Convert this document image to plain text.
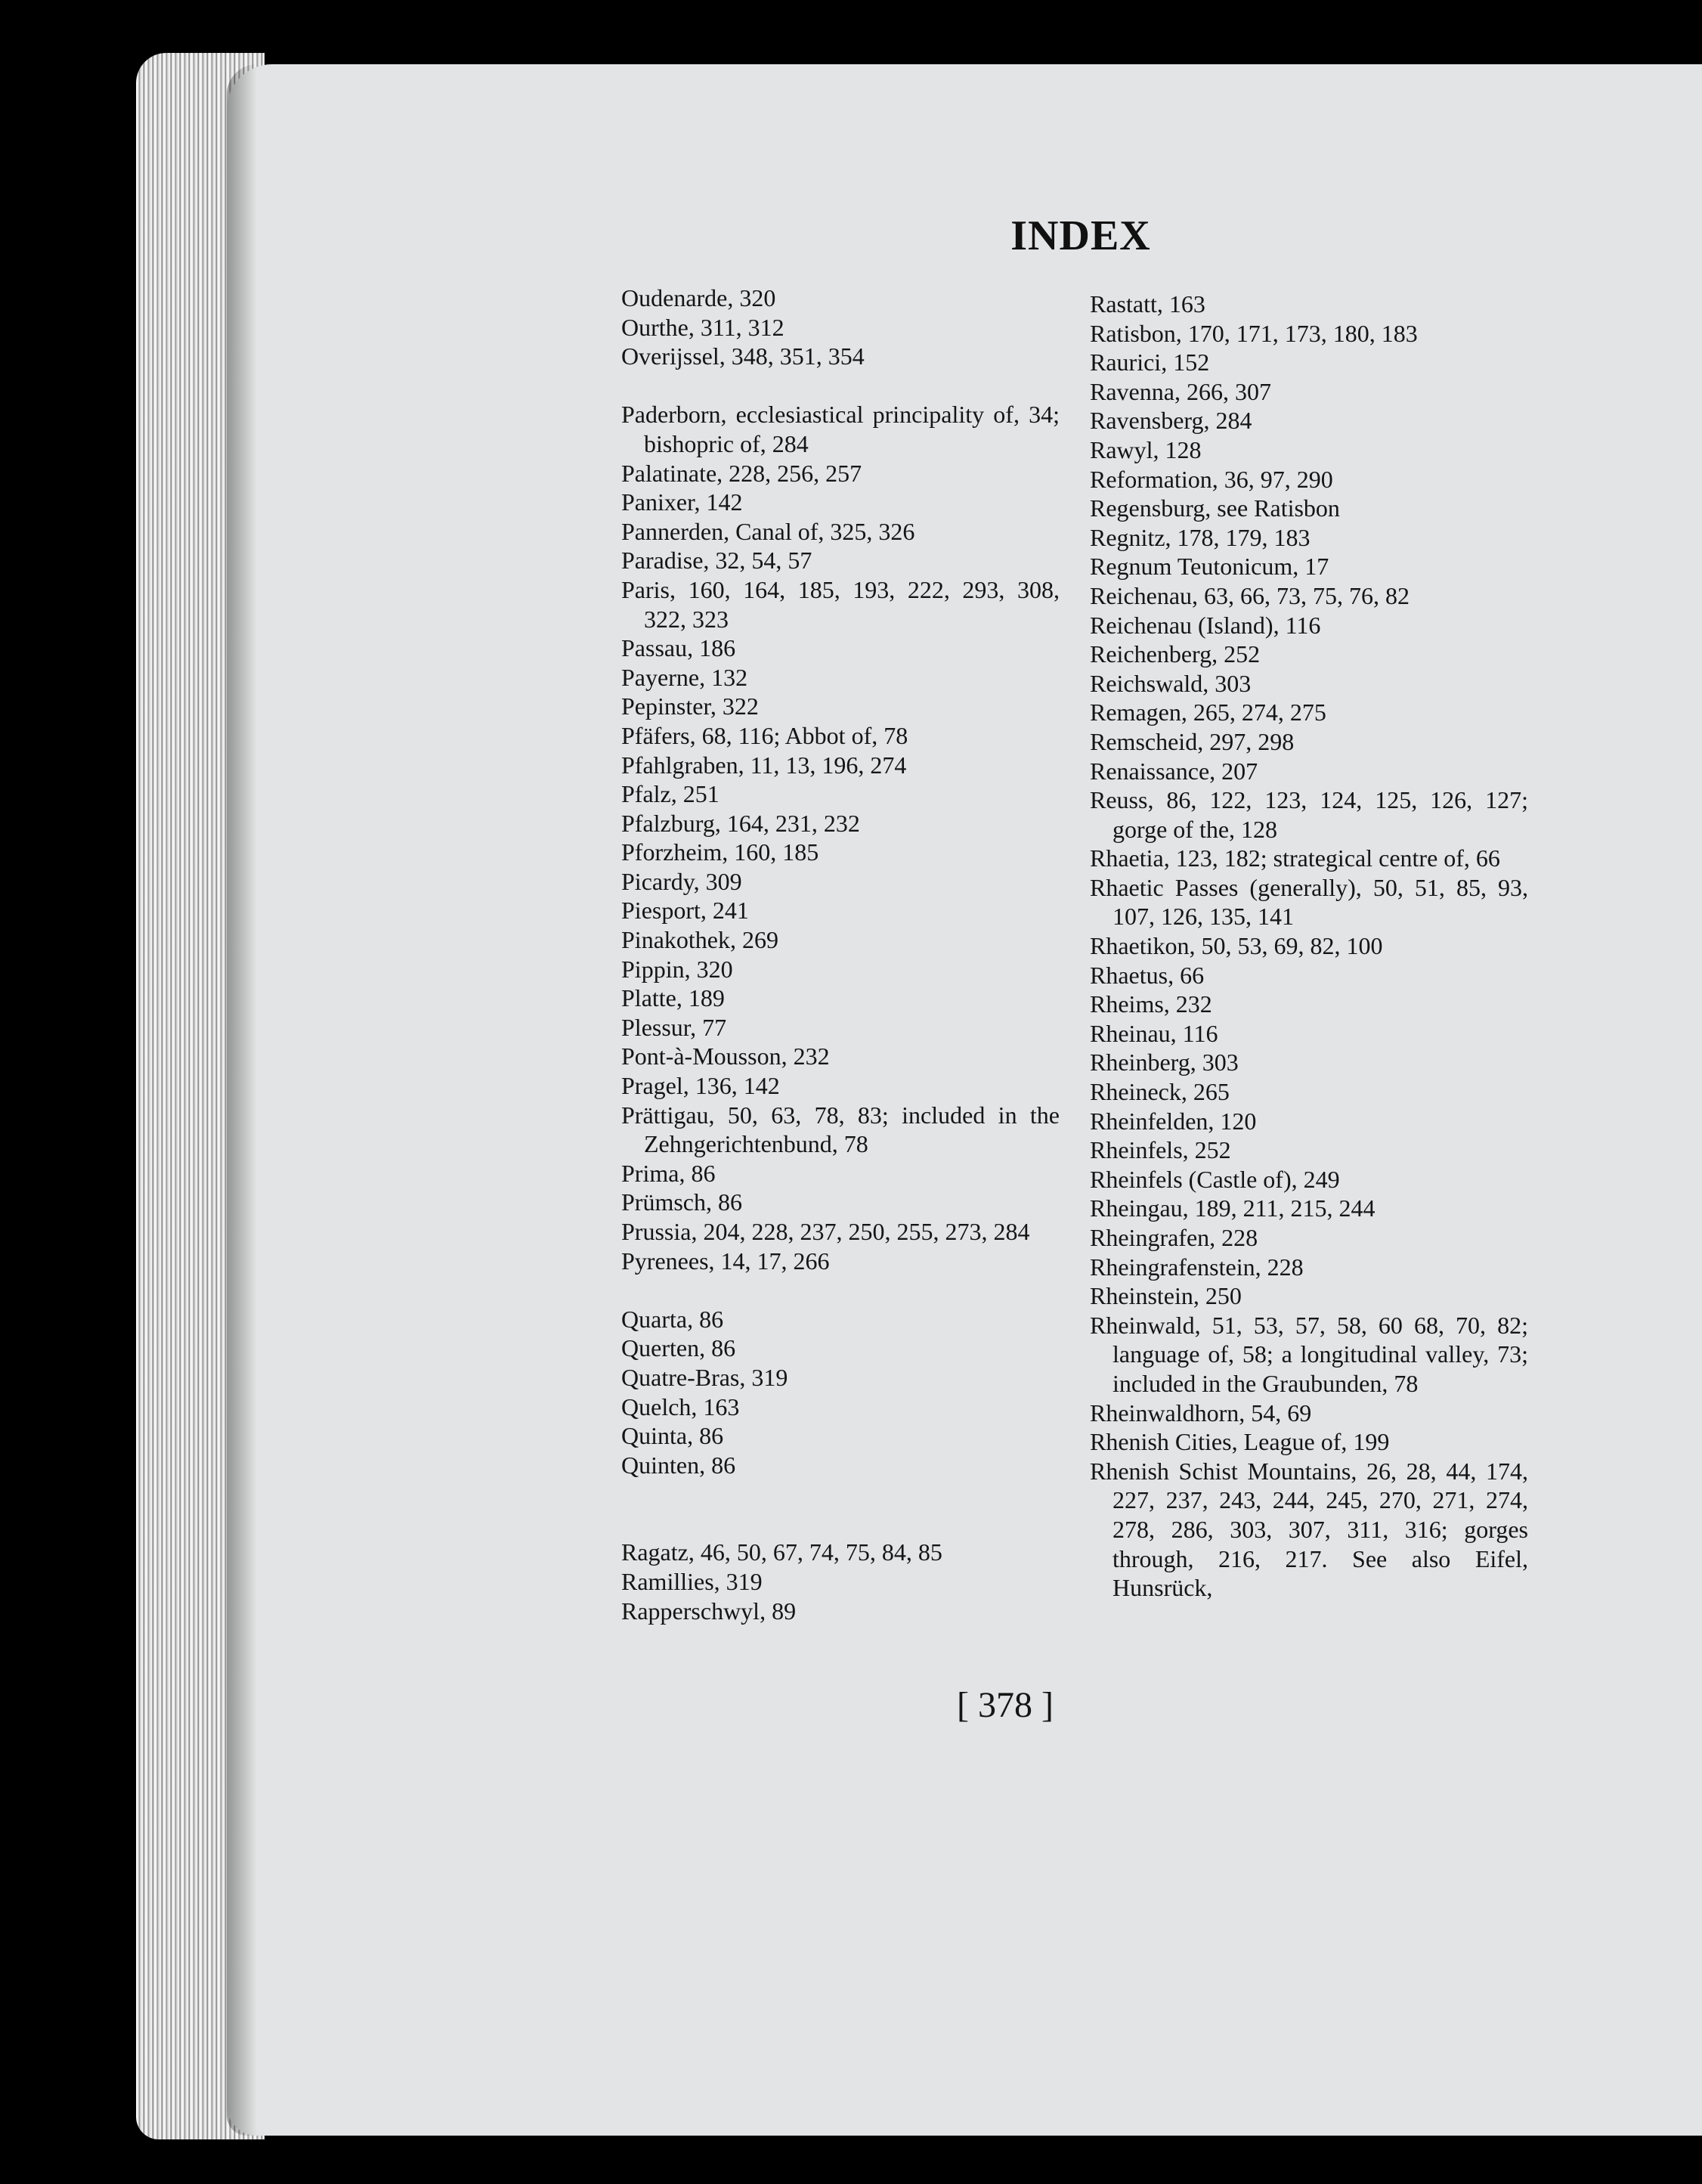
INDEX

Oudenarde, 320

Ourthe, 311, 312

Overijssel, 348, 351, 354

Paderborn, ecclesiastical principality of, 34; bishopric of, 284

Palatinate, 228, 256, 257

Panixer, 142

Pannerden, Canal of, 325, 326

Paradise, 32, 54, 57

Paris, 160, 164, 185, 193, 222, 293, 308, 322, 323

Passau, 186

Payerne, 132

Pepinster, 322

Pfäfers, 68, 116; Abbot of, 78

Pfahlgraben, 11, 13, 196, 274

Pfalz, 251

Pfalzburg, 164, 231, 232

Pforzheim, 160, 185

Picardy, 309

Piesport, 241

Pinakothek, 269

Pippin, 320

Platte, 189

Plessur, 77

Pont-à-Mousson, 232

Pragel, 136, 142

Prättigau, 50, 63, 78, 83; included in the Zehngerichtenbund, 78

Prima, 86

Prümsch, 86

Prussia, 204, 228, 237, 250, 255, 273, 284

Pyrenees, 14, 17, 266

Quarta, 86

Querten, 86

Quatre-Bras, 319

Quelch, 163

Quinta, 86

Quinten, 86

Ragatz, 46, 50, 67, 74, 75, 84, 85

Ramillies, 319

Rapperschwyl, 89

Rastatt, 163

Ratisbon, 170, 171, 173, 180, 183

Raurici, 152

Ravenna, 266, 307

Ravensberg, 284

Rawyl, 128

Reformation, 36, 97, 290

Regensburg, see Ratisbon

Regnitz, 178, 179, 183

Regnum Teutonicum, 17

Reichenau, 63, 66, 73, 75, 76, 82

Reichenau (Island), 116

Reichenberg, 252

Reichswald, 303

Remagen, 265, 274, 275

Remscheid, 297, 298

Renaissance, 207

Reuss, 86, 122, 123, 124, 125, 126, 127; gorge of the, 128

Rhaetia, 123, 182; strategical centre of, 66

Rhaetic Passes (generally), 50, 51, 85, 93, 107, 126, 135, 141

Rhaetikon, 50, 53, 69, 82, 100

Rhaetus, 66

Rheims, 232

Rheinau, 116

Rheinberg, 303

Rheineck, 265

Rheinfelden, 120

Rheinfels, 252

Rheinfels (Castle of), 249

Rheingau, 189, 211, 215, 244

Rheingrafen, 228

Rheingrafenstein, 228

Rheinstein, 250

Rheinwald, 51, 53, 57, 58, 60 68, 70, 82; language of, 58; a longitudinal valley, 73; included in the Graubunden, 78

Rheinwaldhorn, 54, 69

Rhenish Cities, League of, 199

Rhenish Schist Mountains, 26, 28, 44, 174, 227, 237, 243, 244, 245, 270, 271, 274, 278, 286, 303, 307, 311, 316; gorges through, 216, 217. See also Eifel, Hunsrück,

[ 378 ]
